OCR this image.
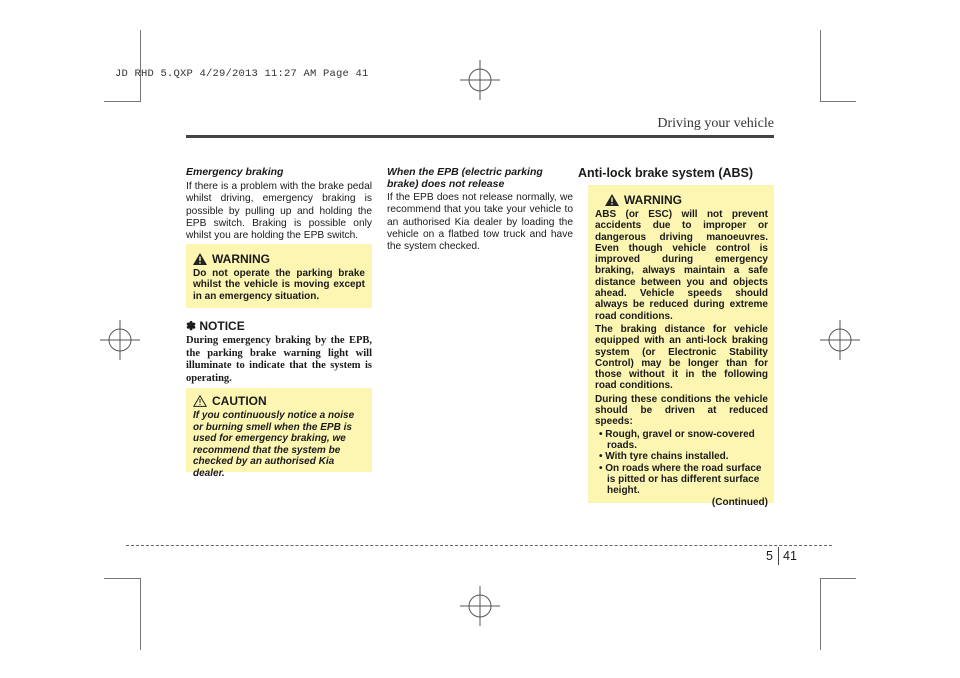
JD RHD 5.QXP 4/29/2013 11:27 AM Page 41
Driving your vehicle
Emergency braking
If there is a problem with the brake pedal whilst driving, emergency braking is possible by pulling up and holding the EPB switch. Braking is possible only whilst you are holding the EPB switch.
WARNING
Do not operate the parking brake whilst the vehicle is moving except in an emergency situation.
✽ NOTICE
During emergency braking by the EPB, the parking brake warning light will illuminate to indicate that the system is operating.
CAUTION
If you continuously notice a noise or burning smell when the EPB is used for emergency braking, we recommend that the system be checked by an authorised Kia dealer.
When the EPB (electric parking brake) does not release
If the EPB does not release normally, we recommend that you take your vehicle to an authorised Kia dealer by loading the vehicle on a flatbed tow truck and have the system checked.
Anti-lock brake system (ABS)
WARNING
ABS (or ESC) will not prevent accidents due to improper or dangerous driving manoeuvres. Even though vehicle control is improved during emergency braking, always maintain a safe distance between you and objects ahead. Vehicle speeds should always be reduced during extreme road conditions.
The braking distance for vehicle equipped with an anti-lock braking system (or Electronic Stability Control) may be longer than for those without it in the following road conditions.
During these conditions the vehicle should be driven at reduced speeds:
• Rough, gravel or snow-covered roads.
• With tyre chains installed.
• On roads where the road surface is pitted or has different surface height.
(Continued)
5 41
